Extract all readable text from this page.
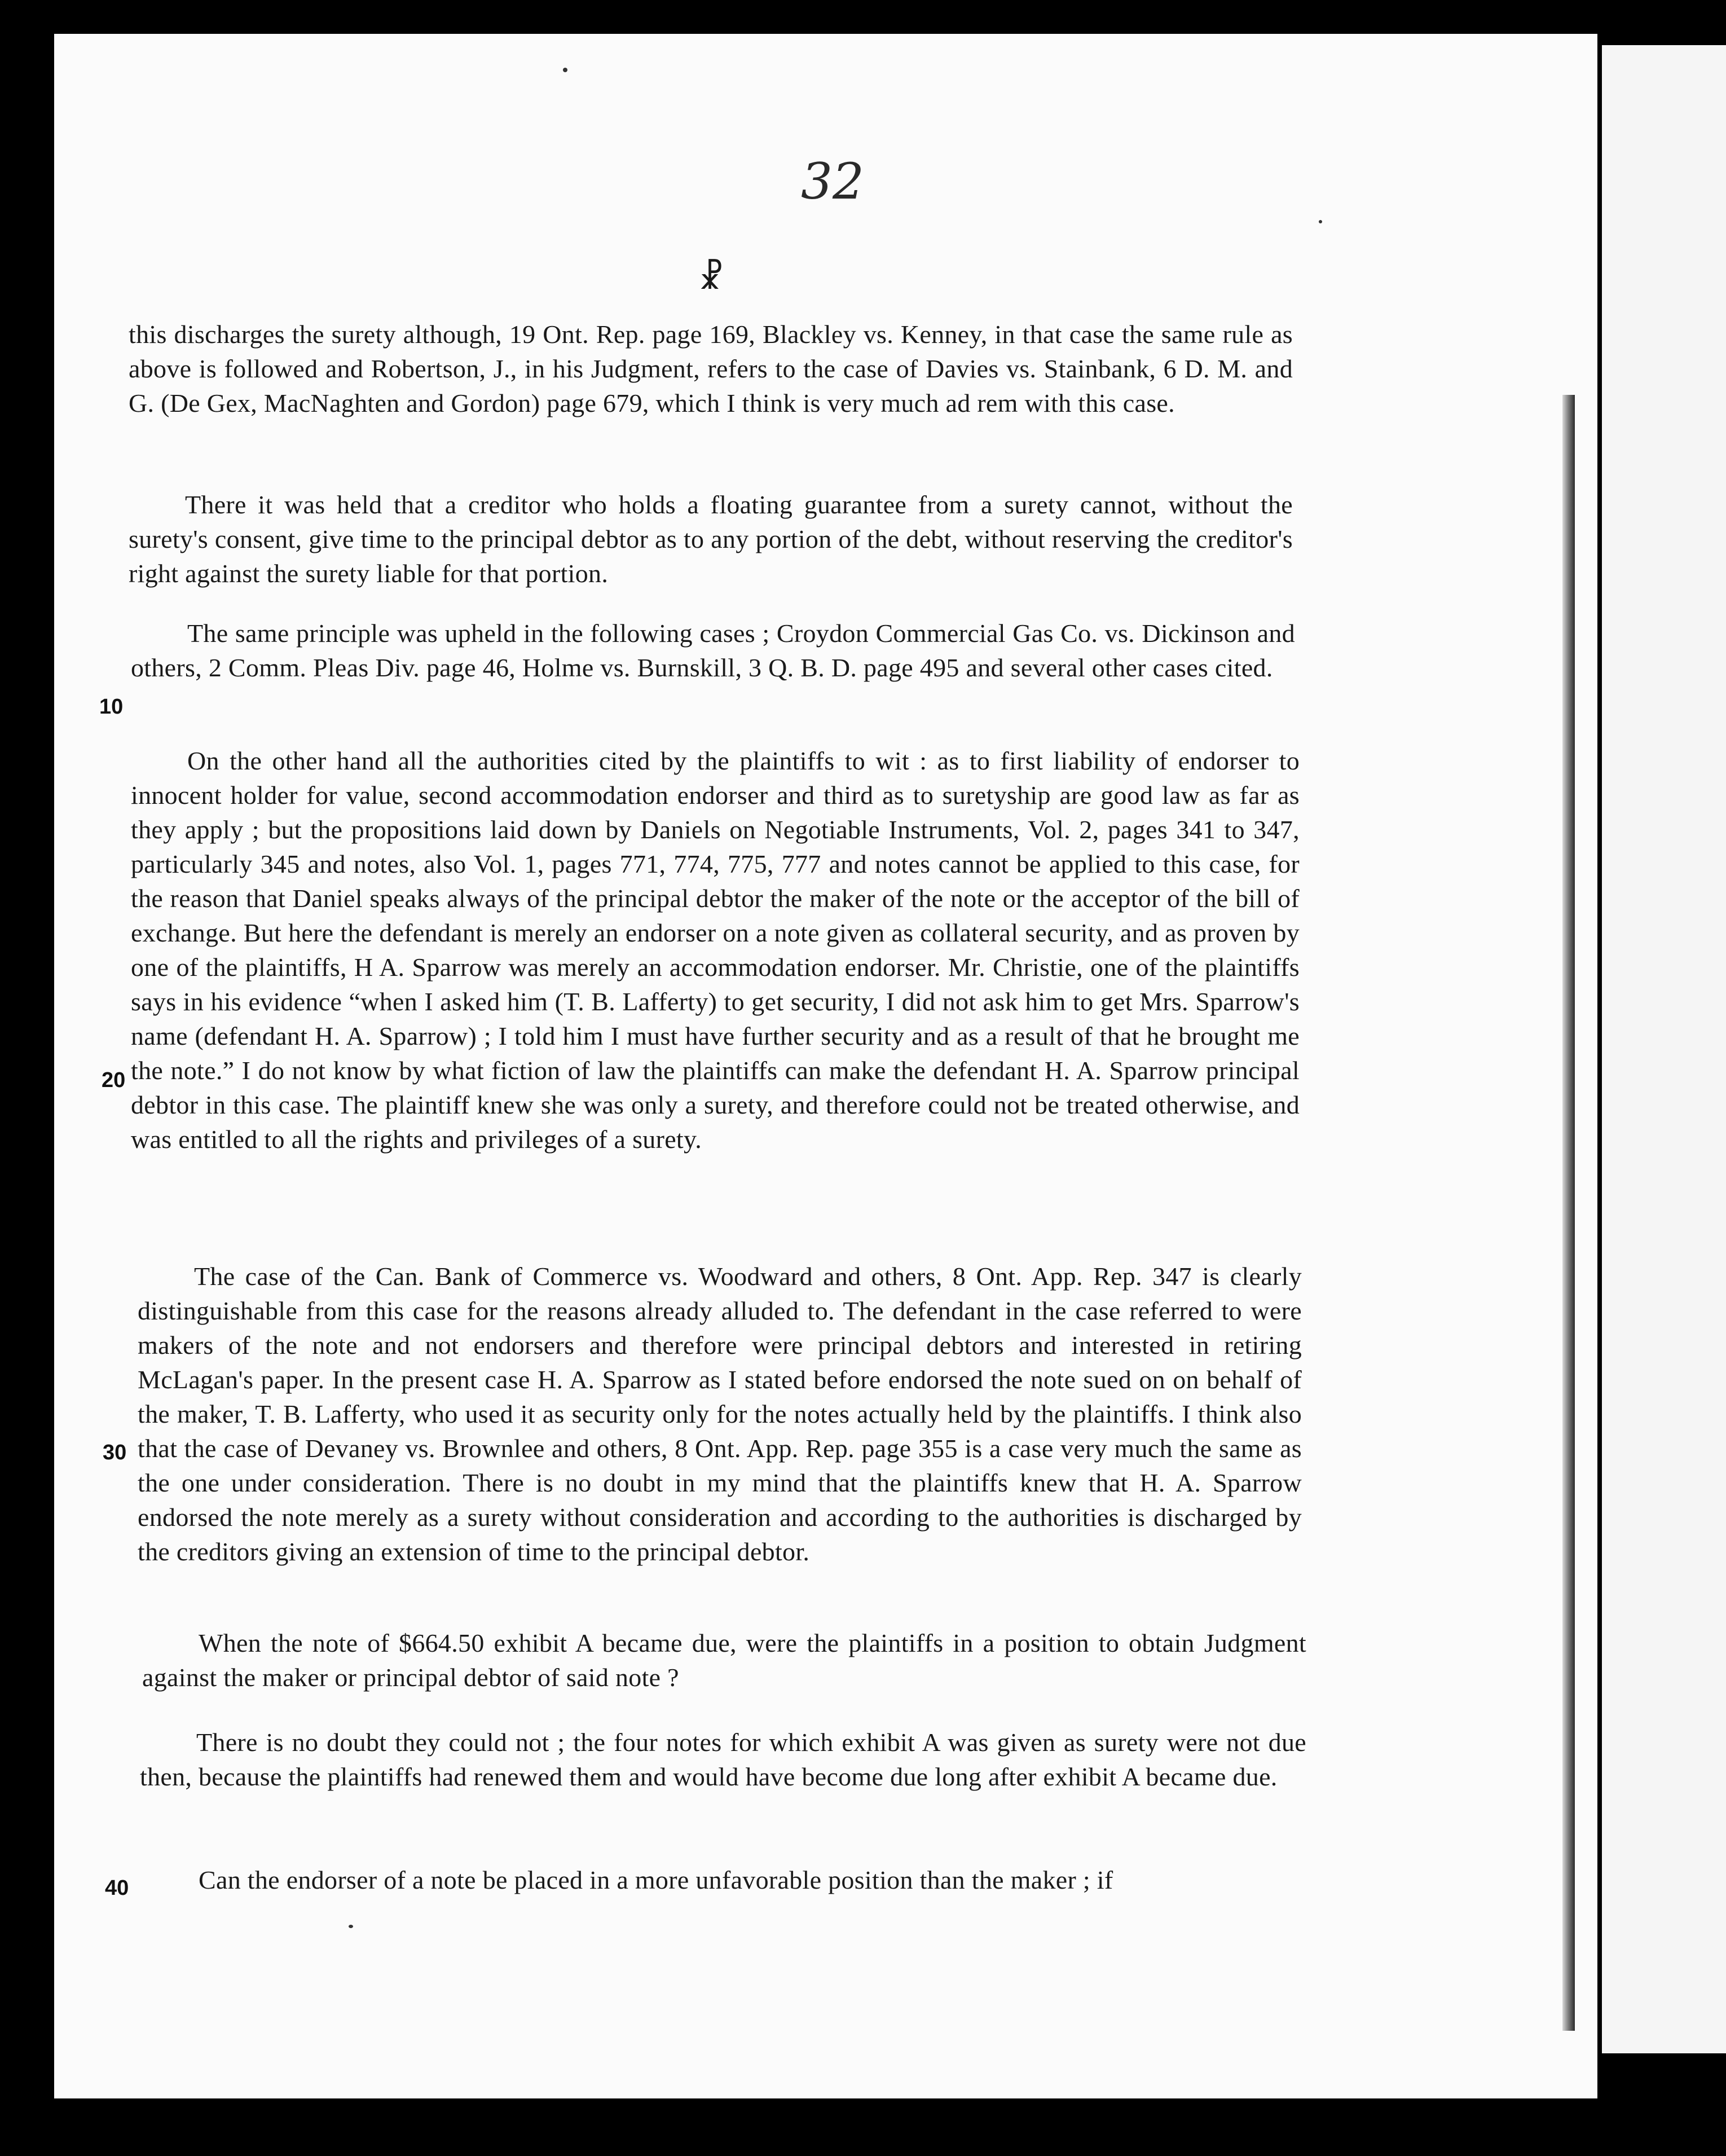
32
☧

this discharges the surety although, 19 Ont. Rep. page 169, Blackley vs. Kenney, in that case the same rule as above is followed and Robertson, J., in his Judgment, refers to the case of Davies vs. Stainbank, 6 D. M. and G. (De Gex, MacNaghten and Gordon) page 679, which I think is very much ad rem with this case.

There it was held that a creditor who holds a floating guarantee from a surety cannot, without the surety's consent, give time to the principal debtor as to any portion of the debt, without reserving the creditor's right against the surety liable for that portion.

The same principle was upheld in the following cases ; Croydon Commercial Gas Co. vs. Dickinson and others, 2 Comm. Pleas Div. page 46, Holme vs. Burnskill, 3 Q. B. D. page 495 and several other cases cited.

On the other hand all the authorities cited by the plaintiffs to wit : as to first liability of endorser to innocent holder for value, second accommodation endorser and third as to suretyship are good law as far as they apply ; but the propositions laid down by Daniels on Negotiable Instruments, Vol. 2, pages 341 to 347, particularly 345 and notes, also Vol. 1, pages 771, 774, 775, 777 and notes cannot be applied to this case, for the reason that Daniel speaks always of the principal debtor the maker of the note or the acceptor of the bill of exchange. But here the defendant is merely an endorser on a note given as collateral security, and as proven by one of the plaintiffs, H A. Sparrow was merely an accommodation endorser. Mr. Christie, one of the plaintiffs says in his evidence “when I asked him (T. B. Lafferty) to get security, I did not ask him to get Mrs. Sparrow's name (defendant H. A. Sparrow) ; I told him I must have further security and as a result of that he brought me the note.” I do not know by what fiction of law the plaintiffs can make the defendant H. A. Sparrow principal debtor in this case. The plaintiff knew she was only a surety, and therefore could not be treated otherwise, and was entitled to all the rights and privileges of a surety.

The case of the Can. Bank of Commerce vs. Woodward and others, 8 Ont. App. Rep. 347 is clearly distinguishable from this case for the reasons already alluded to. The defendant in the case referred to were makers of the note and not endorsers and therefore were principal debtors and interested in retiring McLagan's paper. In the present case H. A. Sparrow as I stated before endorsed the note sued on on behalf of the maker, T. B. Lafferty, who used it as security only for the notes actually held by the plaintiffs. I think also that the case of Devaney vs. Brownlee and others, 8 Ont. App. Rep. page 355 is a case very much the same as the one under consideration. There is no doubt in my mind that the plaintiffs knew that H. A. Sparrow endorsed the note merely as a surety without consideration and according to the authorities is discharged by the creditors giving an extension of time to the principal debtor.

When the note of $664.50 exhibit A became due, were the plaintiffs in a position to obtain Judgment against the maker or principal debtor of said note ?

There is no doubt they could not ; the four notes for which exhibit A was given as surety were not due then, because the plaintiffs had renewed them and would have become due long after exhibit A became due.

Can the endorser of a note be placed in a more unfavorable position than the maker ; if

10
20
30
40
